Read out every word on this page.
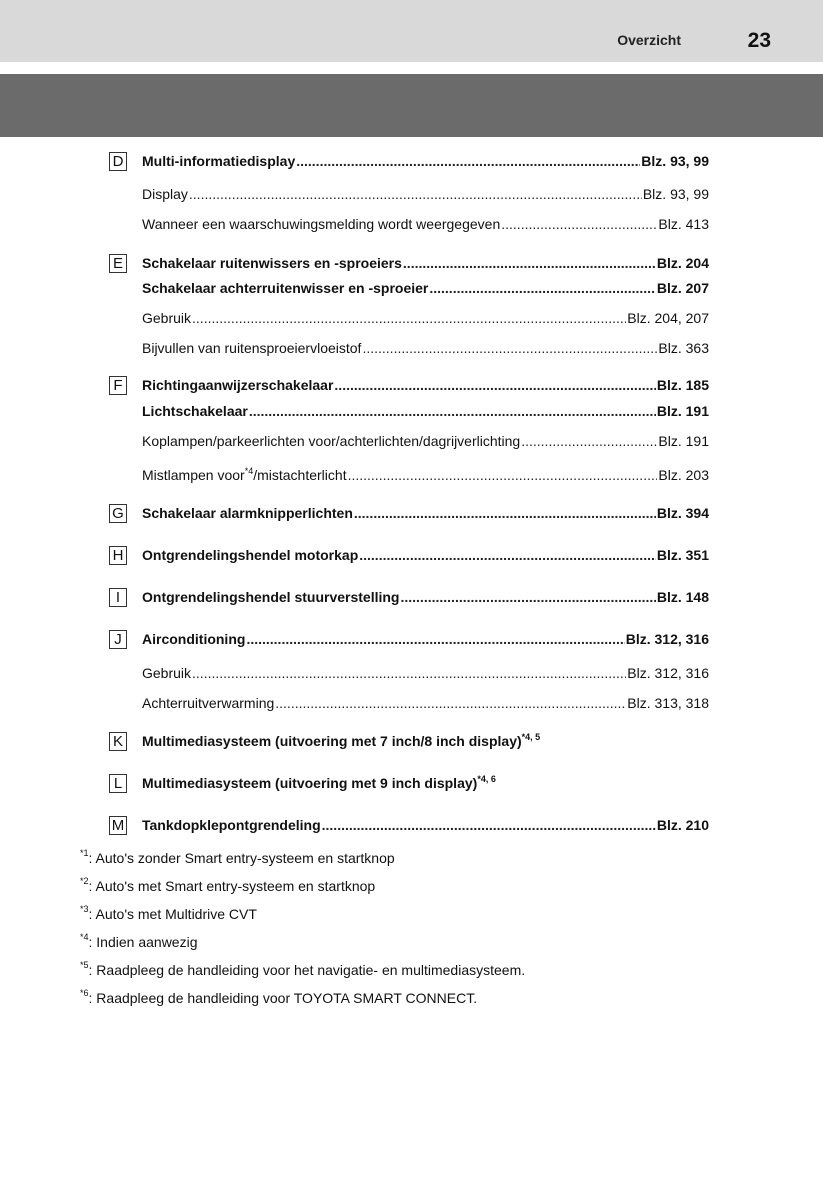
Overzicht	23
D Multi-informatiedisplay .....	Blz. 93, 99
Display .....	Blz. 93, 99
Wanneer een waarschuwingsmelding wordt weergegeven .....	Blz. 413
E Schakelaar ruitenwissers en -sproeiers .....	Blz. 204
Schakelaar achterruitenwisser en -sproeier .....	Blz. 207
Gebruik .....	Blz. 204, 207
Bijvullen van ruitensproeiervloeistof .....	Blz. 363
F	Richtingaanwijzerschakelaar .....	Blz. 185
Lichtschakelaar .....	Blz. 191
Koplampen/parkeerlichten voor/achterlichten/dagrijverlichting .....	Blz. 191
Mistlampen voor$^{*4}$/mistachterlicht .....	Blz. 203
G Schakelaar alarmknipperlichten .....	Blz. 394
H Ontgrendelingshendel motorkap .....	Blz. 351
I	Ontgrendelingshendel stuurverstelling .....	Blz. 148
J	Airconditioning .....	Blz. 312, 316
Gebruik .....	Blz. 312, 316
Achterruitverwarming .....	Blz. 313, 318
K Multimediasysteem (uitvoering met 7 inch/8 inch display)$^{*4, 5}$
L	Multimediasysteem (uitvoering met 9 inch display)$^{*4, 6}$
M Tankdopklepontgrendeling .....	Blz. 210
$^{*1}$: Auto's zonder Smart entry-systeem en startknop
$^{*2}$: Auto's met Smart entry-systeem en startknop
$^{*3}$: Auto's met Multidrive CVT
$^{*4}$: Indien aanwezig
$^{*5}$: Raadpleeg de handleiding voor het navigatie- en multimediasysteem.
$^{*6}$: Raadpleeg de handleiding voor TOYOTA SMART CONNECT.
